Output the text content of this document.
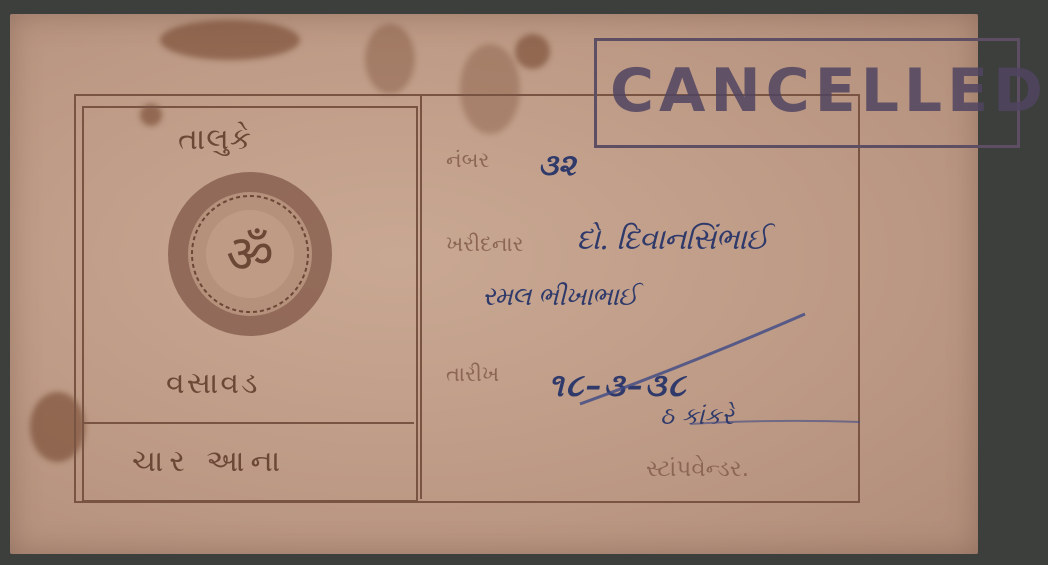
તાલુકે
ॐ
વસાવડ
ચાર આના
નંબર ૩૨
ખરીદનાર દો. દિવાનસિંભાઈ
રમલ ભીખાભાઈ
તારીખ ૧૮–૩–૩૮
ઠ કાંકરે
સ્ટાંપવેન્ડર.
CANCELLED
